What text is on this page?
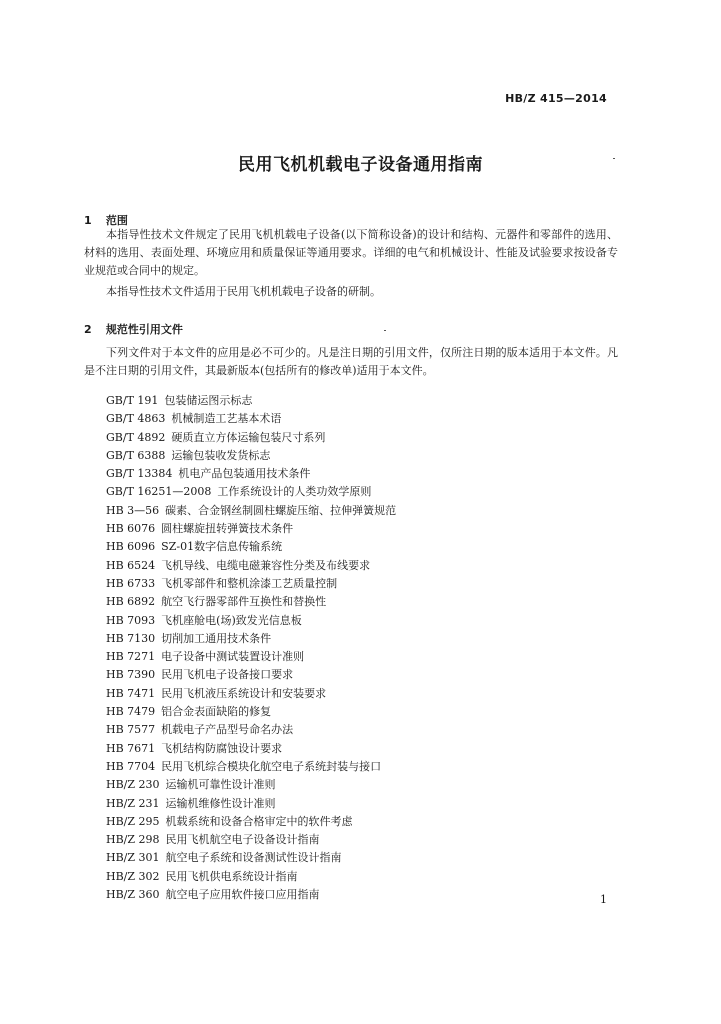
HB/Z 415—2014
民用飞机机载电子设备通用指南
1 范围

本指导性技术文件规定了民用飞机机载电子设备(以下简称设备)的设计和结构、元器件和零部件的选用、材料的选用、表面处理、环境应用和质量保证等通用要求。详细的电气和机械设计、性能及试验要求按设备专业规范或合同中的规定。

本指导性技术文件适用于民用飞机机载电子设备的研制。

2 规范性引用文件

下列文件对于本文件的应用是必不可少的。凡是注日期的引用文件，仅所注日期的版本适用于本文件。凡是不注日期的引用文件，其最新版本(包括所有的修改单)适用于本文件。

GB/T 191 包装储运图示标志
GB/T 4863 机械制造工艺基本术语
GB/T 4892 硬质直立方体运输包装尺寸系列
GB/T 6388 运输包装收发货标志
GB/T 13384 机电产品包装通用技术条件
GB/T 16251—2008 工作系统设计的人类功效学原则
HB 3—56 碳素、合金钢丝制圆柱螺旋压缩、拉伸弹簧规范
HB 6076 圆柱螺旋扭转弹簧技术条件
HB 6096 SZ-01数字信息传输系统
HB 6524 飞机导线、电缆电磁兼容性分类及布线要求
HB 6733 飞机零部件和整机涂漆工艺质量控制
HB 6892 航空飞行器零部件互换性和替换性
HB 7093 飞机座舱电(场)致发光信息板
HB 7130 切削加工通用技术条件
HB 7271 电子设备中测试装置设计准则
HB 7390 民用飞机电子设备接口要求
HB 7471 民用飞机液压系统设计和安装要求
HB 7479 铝合金表面缺陷的修复
HB 7577 机载电子产品型号命名办法
HB 7671 飞机结构防腐蚀设计要求
HB 7704 民用飞机综合模块化航空电子系统封装与接口
HB/Z 230 运输机可靠性设计准则
HB/Z 231 运输机维修性设计准则
HB/Z 295 机载系统和设备合格审定中的软件考虑
HB/Z 298 民用飞机航空电子设备设计指南
HB/Z 301 航空电子系统和设备测试性设计指南
HB/Z 302 民用飞机供电系统设计指南
HB/Z 360 航空电子应用软件接口应用指南	1
